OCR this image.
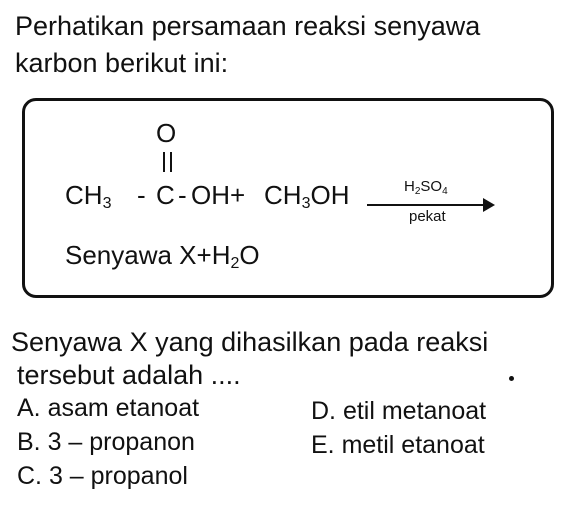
Perhatikan persamaan reaksi senyawa
karbon berikut ini:
O
$CH_3 - C - OH+ CH_3OH$	$H_2SO_4$
pekat
Senyawa $X+H_2O$
Senyawa X yang dihasilkan pada reaksi
tersebut adalah ....
A. asam etanoat
B. 3 – propanon
C. 3 – propanol
D. etil metanoat
E. metil etanoat
